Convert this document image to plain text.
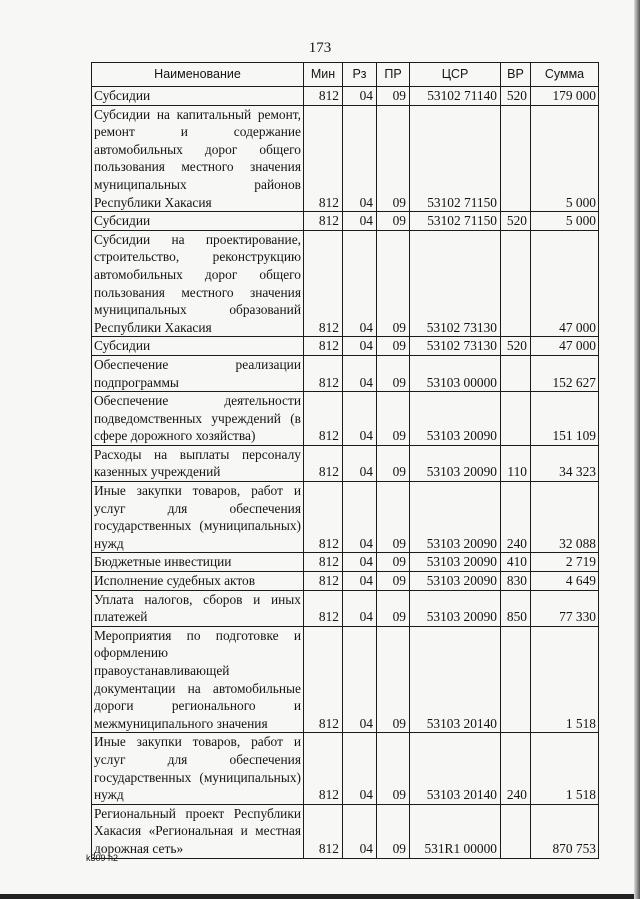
173
Наименование	Мин	Рз	ПР	ЦСР	ВР	Сумма
Субсидии	812	04	09	53102 71140	520	179 000
Субсидии на капитальный ремонт, ремонт и содержание автомобильных дорог общего пользования местного значения муниципальных районов Республики Хакасия	812	04	09	53102 71150		5 000
Субсидии	812	04	09	53102 71150	520	5 000
Субсидии на проектирование, строительство, реконструкцию автомобильных дорог общего пользования местного значения муниципальных образований Республики Хакасия	812	04	09	53102 73130		47 000
Субсидии	812	04	09	53102 73130	520	47 000
Обеспечение реализации подпрограммы	812	04	09	53103 00000		152 627
Обеспечение деятельности подведомственных учреждений (в сфере дорожного хозяйства)	812	04	09	53103 20090		151 109
Расходы на выплаты персоналу казенных учреждений	812	04	09	53103 20090	110	34 323
Иные закупки товаров, работ и услуг для обеспечения государственных (муниципальных) нужд	812	04	09	53103 20090	240	32 088
Бюджетные инвестиции	812	04	09	53103 20090	410	2 719
Исполнение судебных актов	812	04	09	53103 20090	830	4 649
Уплата налогов, сборов и иных платежей	812	04	09	53103 20090	850	77 330
Мероприятия по подготовке и оформлению правоустанавливающей документации на автомобильные дороги регионального и межмуниципального значения	812	04	09	53103 20140		1 518
Иные закупки товаров, работ и услуг для обеспечения государственных (муниципальных) нужд	812	04	09	53103 20140	240	1 518
Региональный проект Республики Хакасия «Региональная и местная дорожная сеть»	812	04	09	531R1 00000		870 753
k309 h2
